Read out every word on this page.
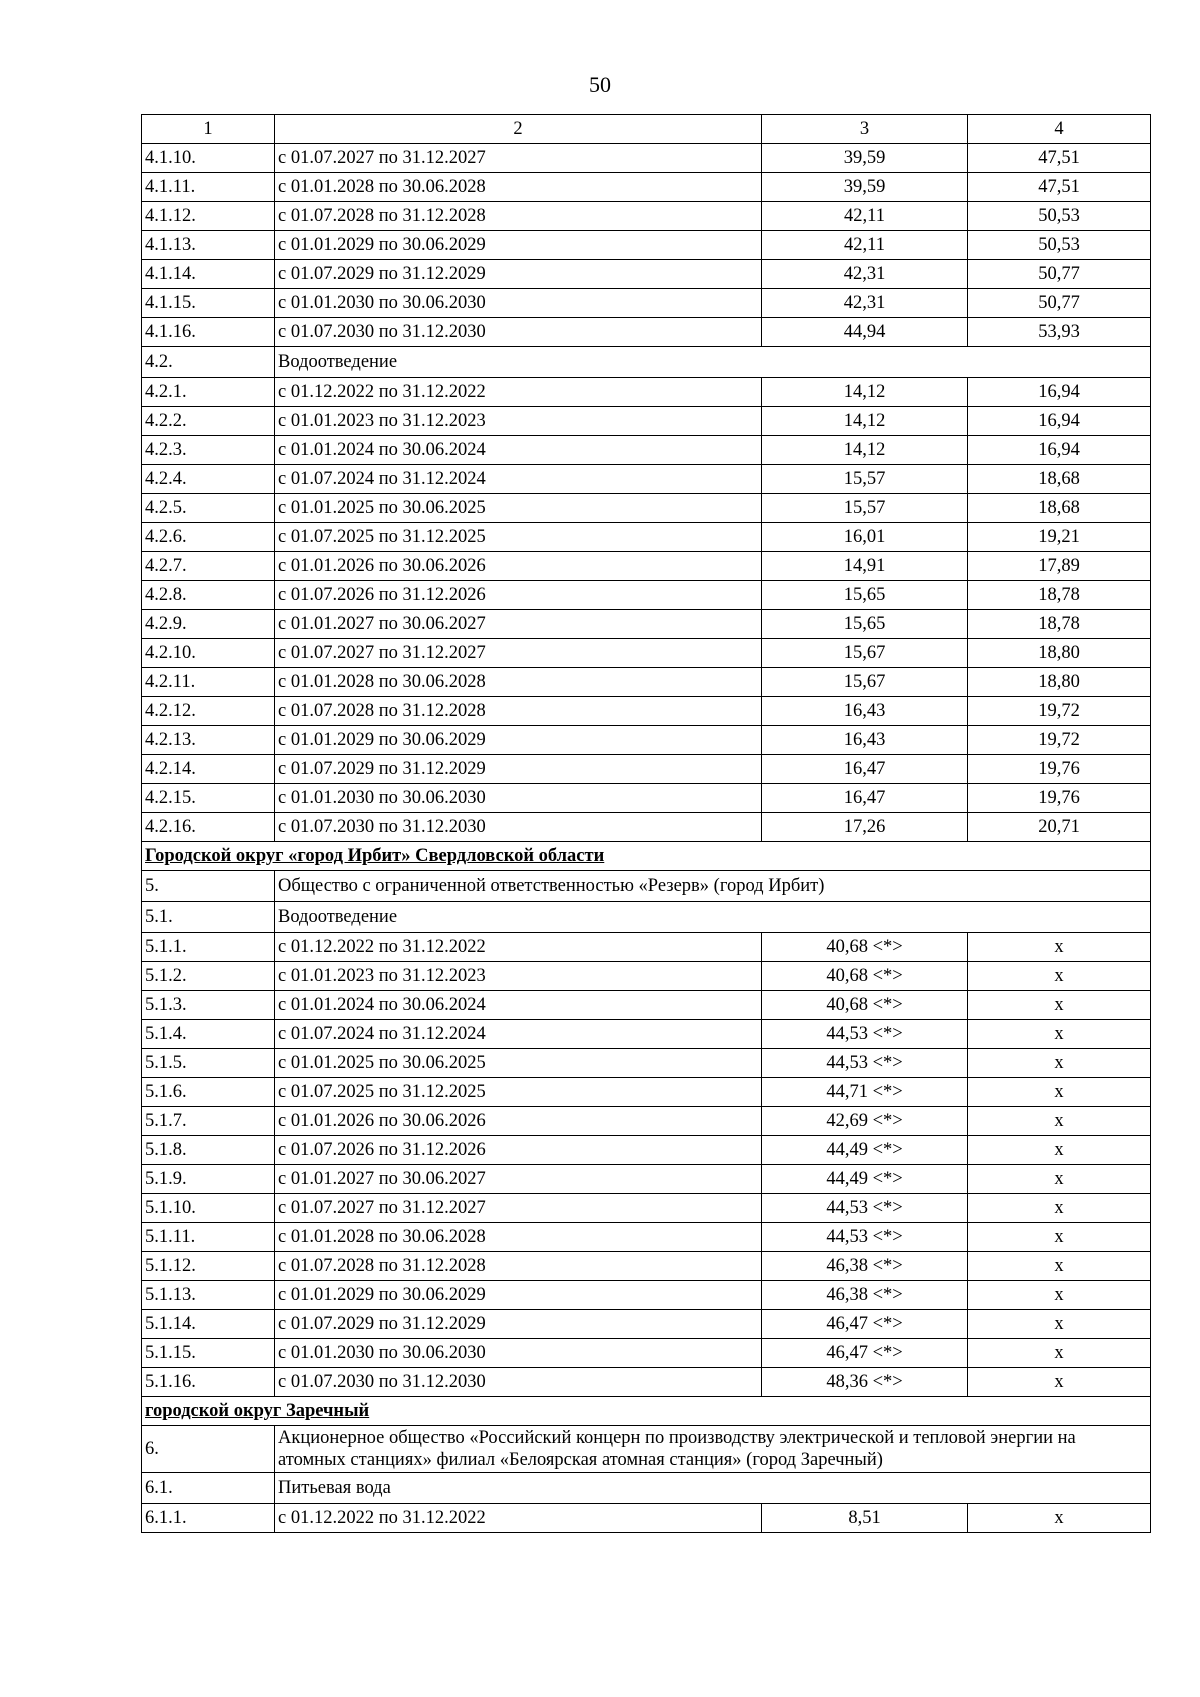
50
1	2	3	4
4.1.10.	с 01.07.2027 по 31.12.2027	39,59	47,51
4.1.11.	с 01.01.2028 по 30.06.2028	39,59	47,51
4.1.12.	с 01.07.2028 по 31.12.2028	42,11	50,53
4.1.13.	с 01.01.2029 по 30.06.2029	42,11	50,53
4.1.14.	с 01.07.2029 по 31.12.2029	42,31	50,77
4.1.15.	с 01.01.2030 по 30.06.2030	42,31	50,77
4.1.16.	с 01.07.2030 по 31.12.2030	44,94	53,93
4.2.	Водоотведение		
4.2.1.	с 01.12.2022 по 31.12.2022	14,12	16,94
4.2.2.	с 01.01.2023 по 31.12.2023	14,12	16,94
4.2.3.	с 01.01.2024 по 30.06.2024	14,12	16,94
4.2.4.	с 01.07.2024 по 31.12.2024	15,57	18,68
4.2.5.	с 01.01.2025 по 30.06.2025	15,57	18,68
4.2.6.	с 01.07.2025 по 31.12.2025	16,01	19,21
4.2.7.	с 01.01.2026 по 30.06.2026	14,91	17,89
4.2.8.	с 01.07.2026 по 31.12.2026	15,65	18,78
4.2.9.	с 01.01.2027 по 30.06.2027	15,65	18,78
4.2.10.	с 01.07.2027 по 31.12.2027	15,67	18,80
4.2.11.	с 01.01.2028 по 30.06.2028	15,67	18,80
4.2.12.	с 01.07.2028 по 31.12.2028	16,43	19,72
4.2.13.	с 01.01.2029 по 30.06.2029	16,43	19,72
4.2.14.	с 01.07.2029 по 31.12.2029	16,47	19,76
4.2.15.	с 01.01.2030 по 30.06.2030	16,47	19,76
4.2.16.	с 01.07.2030 по 31.12.2030	17,26	20,71
Городской округ «город Ирбит» Свердловской области			
5.	Общество с ограниченной ответственностью «Резерв» (город Ирбит)		
5.1.	Водоотведение		
5.1.1.	с 01.12.2022 по 31.12.2022	40,68 <*>	x
5.1.2.	с 01.01.2023 по 31.12.2023	40,68 <*>	x
5.1.3.	с 01.01.2024 по 30.06.2024	40,68 <*>	x
5.1.4.	с 01.07.2024 по 31.12.2024	44,53 <*>	x
5.1.5.	с 01.01.2025 по 30.06.2025	44,53 <*>	x
5.1.6.	с 01.07.2025 по 31.12.2025	44,71 <*>	x
5.1.7.	с 01.01.2026 по 30.06.2026	42,69 <*>	x
5.1.8.	с 01.07.2026 по 31.12.2026	44,49 <*>	x
5.1.9.	с 01.01.2027 по 30.06.2027	44,49 <*>	x
5.1.10.	с 01.07.2027 по 31.12.2027	44,53 <*>	x
5.1.11.	с 01.01.2028 по 30.06.2028	44,53 <*>	x
5.1.12.	с 01.07.2028 по 31.12.2028	46,38 <*>	x
5.1.13.	с 01.01.2029 по 30.06.2029	46,38 <*>	x
5.1.14.	с 01.07.2029 по 31.12.2029	46,47 <*>	x
5.1.15.	с 01.01.2030 по 30.06.2030	46,47 <*>	x
5.1.16.	с 01.07.2030 по 31.12.2030	48,36 <*>	x
городской округ Заречный			
6.	Акционерное общество «Российский концерн по производству электрической и тепловой энергии на атомных станциях» филиал «Белоярская атомная станция» (город Заречный)		
6.1.	Питьевая вода		
6.1.1.	с 01.12.2022 по 31.12.2022	8,51	x
